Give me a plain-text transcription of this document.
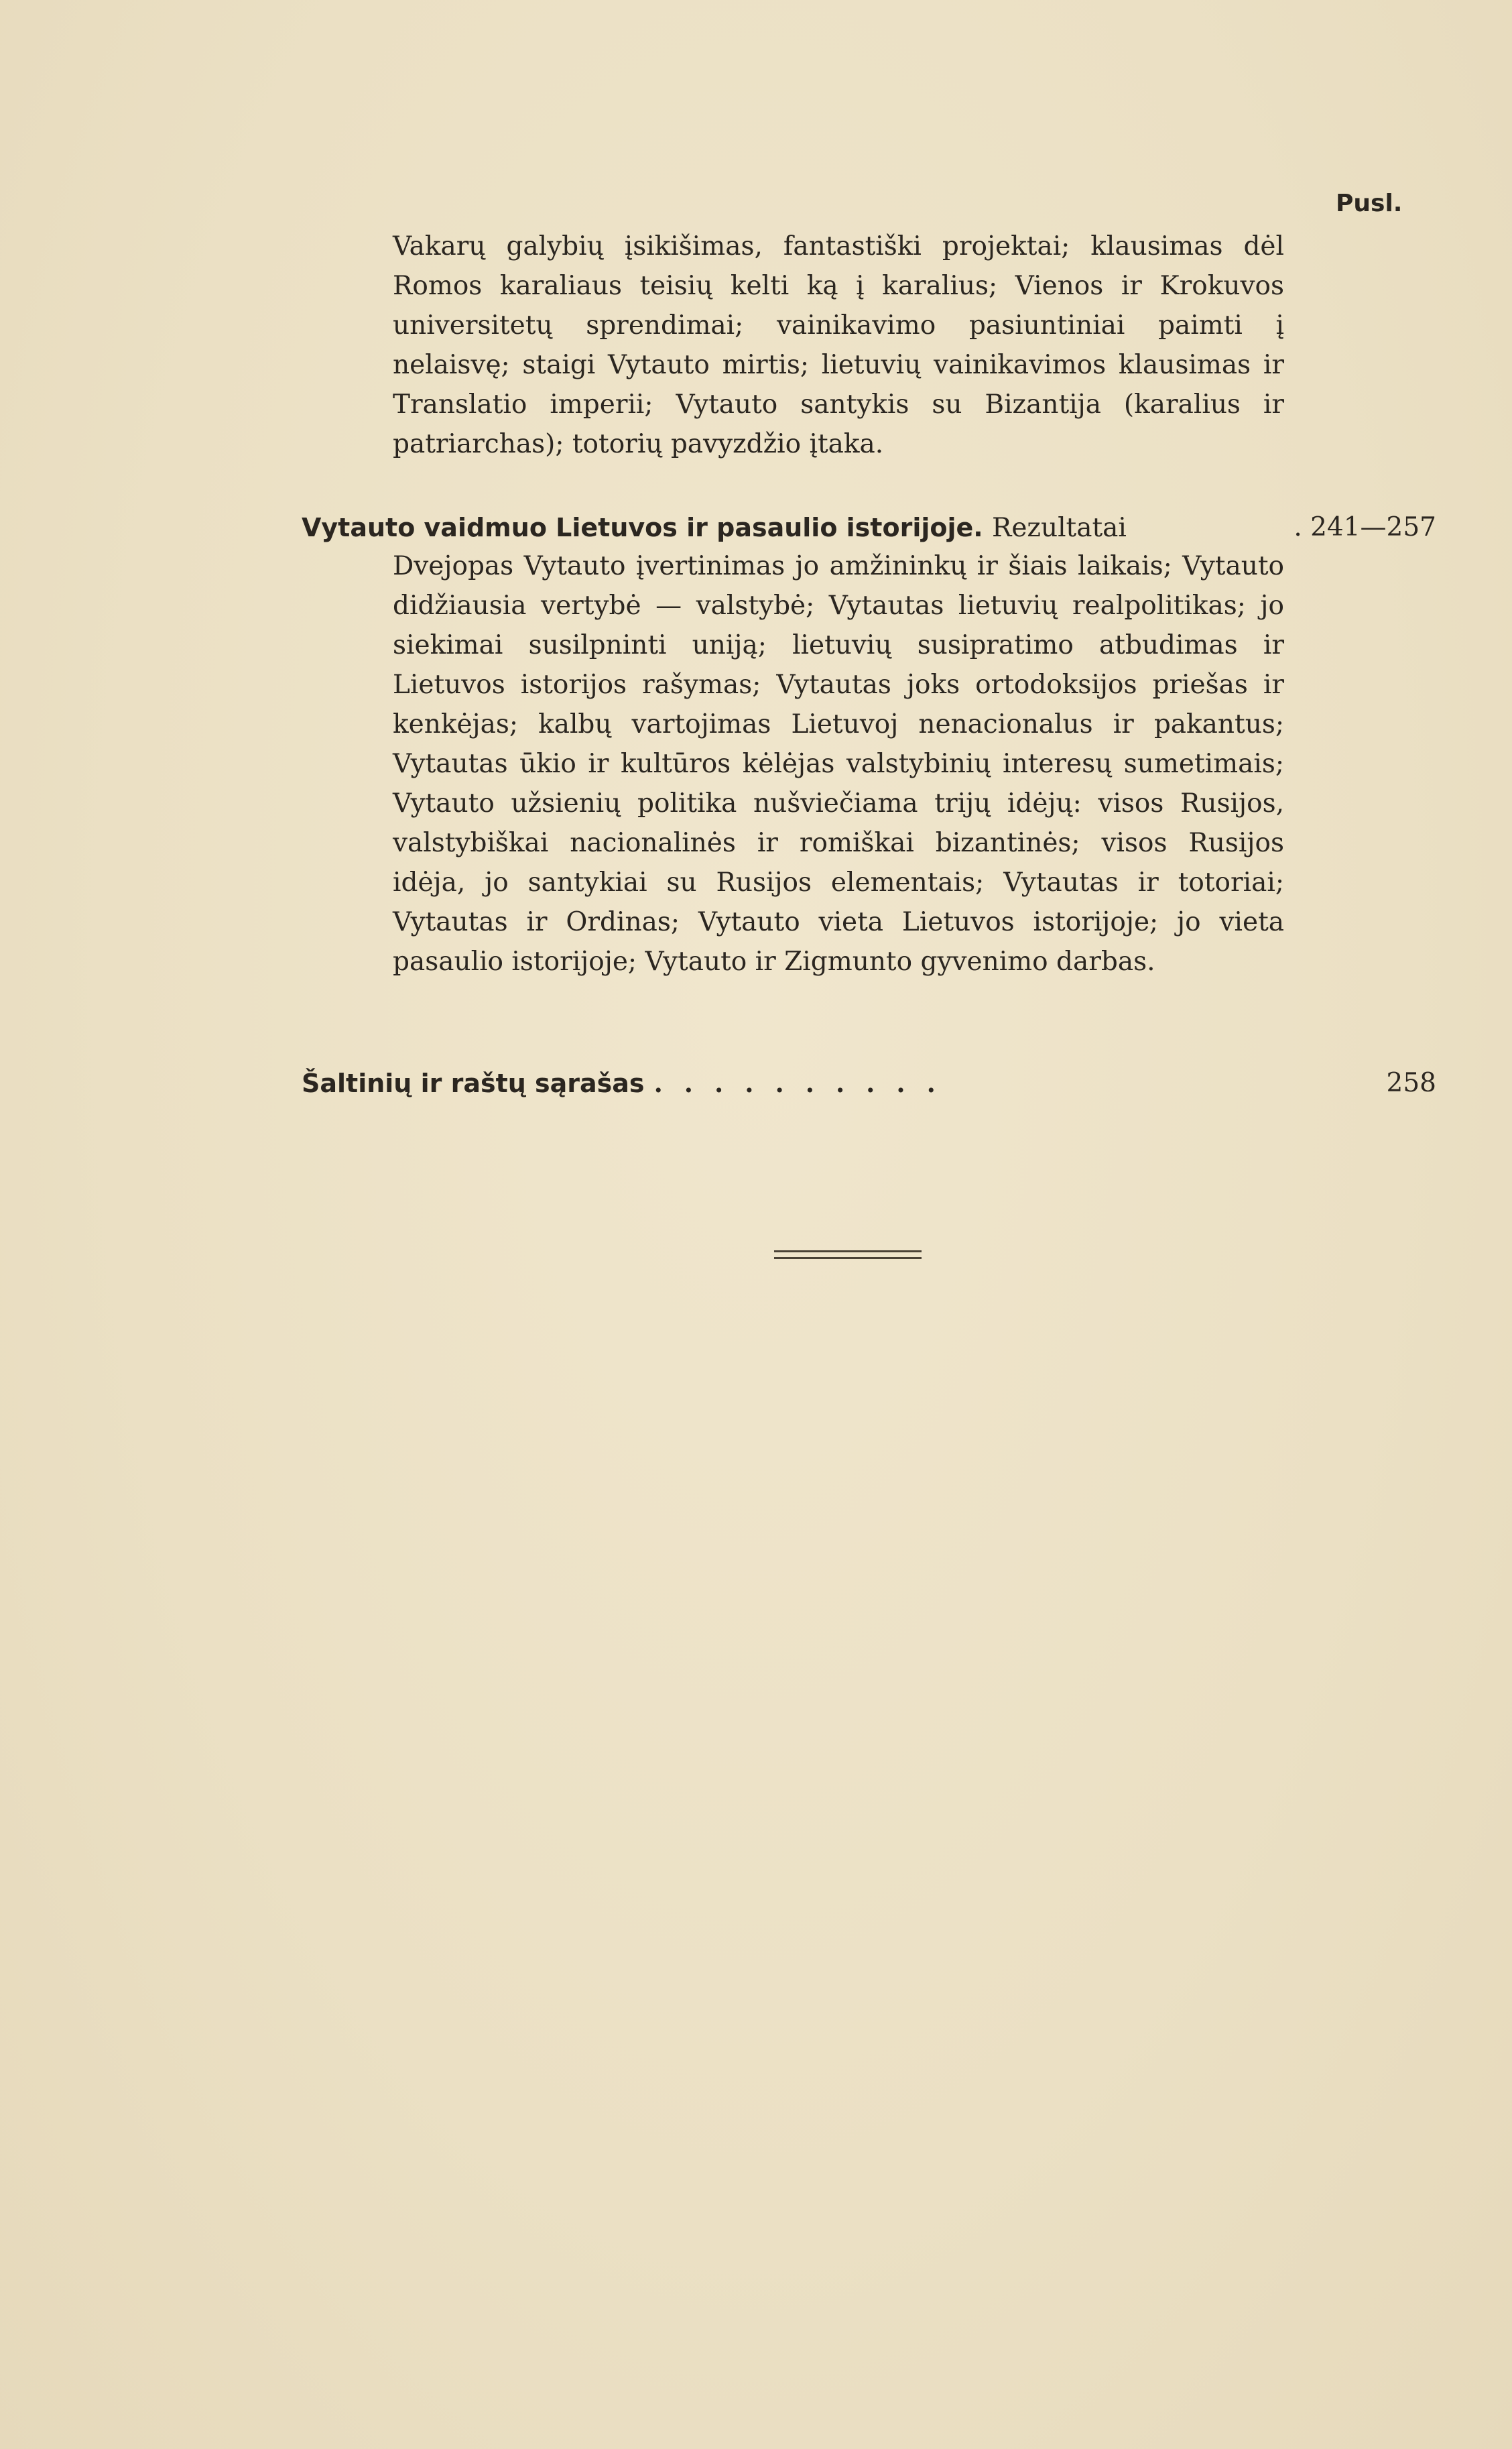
Pusl.
Vakarų galybių įsikišimas, fantastiški projektai; klausimas dėl Romos karaliaus teisių kelti ką į karalius; Vienos ir Krokuvos universitetų sprendimai; vainikavimo pasiuntiniai paimti į nelaisvę; staigi Vytauto mirtis; lietuvių vainikavimos klausimas ir Translatio imperii; Vytauto santykis su Bizantija (karalius ir patriarchas); totorių pavyzdžio įtaka.
Vytauto vaidmuo Lietuvos ir pasaulio istorijoje. Rezultatai	. 241—257
Dvejopas Vytauto įvertinimas jo amžininkų ir šiais laikais; Vytauto didžiausia vertybė — valstybė; Vytautas lietuvių realpolitikas; jo siekimai susilpninti uniją; lietuvių susipratimo atbudimas ir Lietuvos istorijos rašymas; Vytautas joks ortodoksijos priešas ir kenkėjas; kalbų vartojimas Lietuvoj nenacionalus ir pakantus; Vytautas ūkio ir kultūros kėlėjas valstybinių interesų sumetimais; Vytauto užsienių politika nušviečiama trijų idėjų: visos Rusijos, valstybiškai nacionalinės ir romiškai bizantinės; visos Rusijos idėja, jo santykiai su Rusijos elementais; Vytautas ir totoriai; Vytautas ir Ordinas; Vytauto vieta Lietuvos istorijoje; jo vieta pasaulio istorijoje; Vytauto ir Zigmunto gyvenimo darbas.
Šaltinių ir raštų sąrašas ..........	258
